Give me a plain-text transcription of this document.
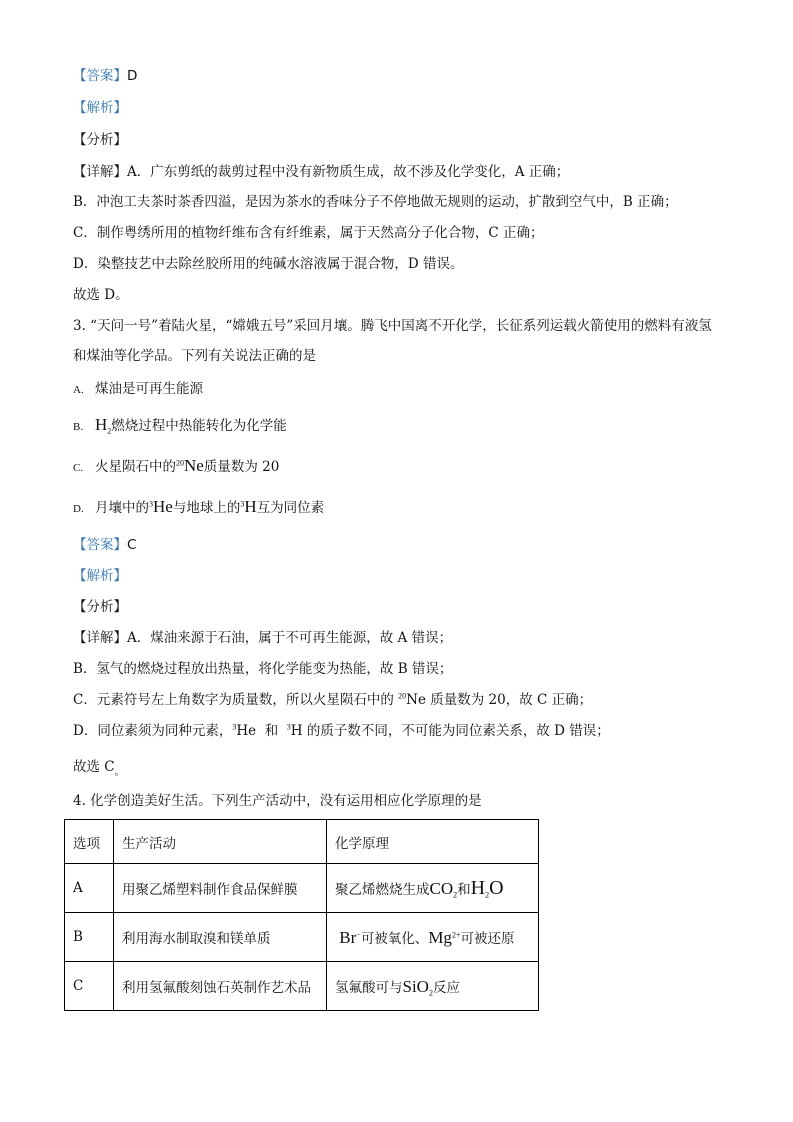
【答案】D
【解析】
【分析】
【详解】A．广东剪纸的裁剪过程中没有新物质生成，故不涉及化学变化，A 正确；
B．冲泡工夫茶时茶香四溢，是因为茶水的香味分子不停地做无规则的运动，扩散到空气中，B 正确；
C．制作粤绣所用的植物纤维布含有纤维素，属于天然高分子化合物，C 正确；
D．染整技艺中去除丝胶所用的纯碱水溶液属于混合物，D 错误。
故选 D。
3. “天问一号”着陆火星，“嫦娥五号”采回月壤。腾飞中国离不开化学，长征系列运载火箭使用的燃料有液氢
和煤油等化学品。下列有关说法正确的是
A. 煤油是可再生能源
B. $H_2$燃烧过程中热能转化为化学能
C. 火星陨石中的$^{20}$Ne质量数为 20
D. 月壤中的$^3$He与地球上的$^3$H互为同位素
【答案】C
【解析】
【分析】
【详解】A．煤油来源于石油，属于不可再生能源，故 A 错误；
B．氢气的燃烧过程放出热量，将化学能变为热能，故 B 错误；
C．元素符号左上角数字为质量数，所以火星陨石中的 $^{20}$Ne 质量数为 20，故 C 正确；
D．同位素须为同种元素，$^3$He 和 $^3$H 的质子数不同，不可能为同位素关系，故 D 错误；
故选 $C_。$
4. 化学创造美好生活。下列生产活动中，没有运用相应化学原理的是
选项	生产活动	化学原理
A	用聚乙烯塑料制作食品保鲜膜	聚乙烯燃烧生成$CO_2$和$H_2O$
B	利用海水制取溴和镁单质	Br−可被氧化、$Mg^{2+}$可被还原
C	利用氢氟酸刻蚀石英制作艺术品	氢氟酸可与SiO$_2$反应
